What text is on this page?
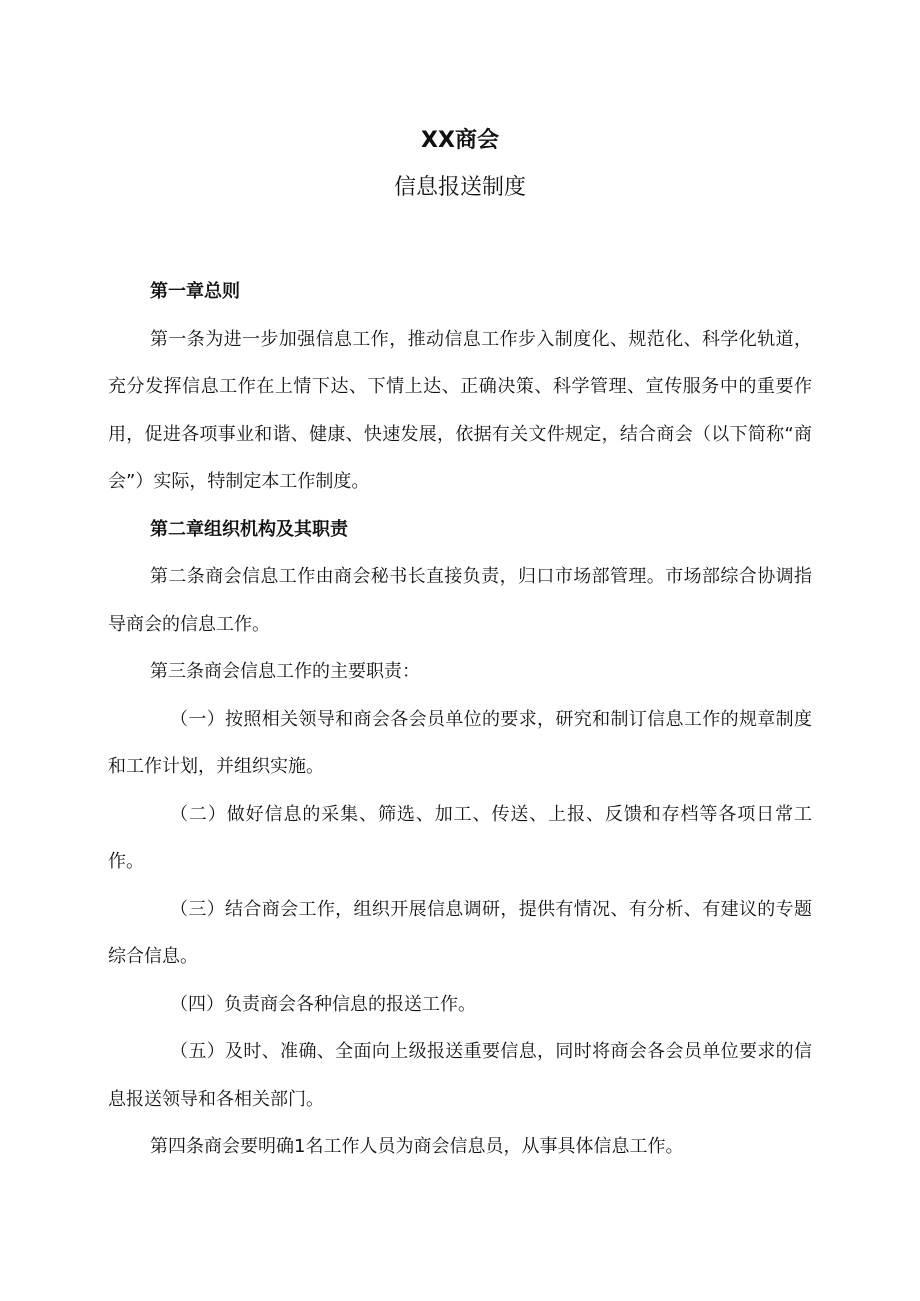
XX商会
信息报送制度

第一章总则

第一条为进一步加强信息工作，推动信息工作步入制度化、规范化、科学化轨道，充分发挥信息工作在上情下达、下情上达、正确决策、科学管理、宣传服务中的重要作用，促进各项事业和谐、健康、快速发展，依据有关文件规定，结合商会（以下简称“商会”）实际，特制定本工作制度。

第二章组织机构及其职责

第二条商会信息工作由商会秘书长直接负责，归口市场部管理。市场部综合协调指导商会的信息工作。

第三条商会信息工作的主要职责：

（一）按照相关领导和商会各会员单位的要求，研究和制订信息工作的规章制度和工作计划，并组织实施。

（二）做好信息的采集、筛选、加工、传送、上报、反馈和存档等各项日常工作。

（三）结合商会工作，组织开展信息调研，提供有情况、有分析、有建议的专题综合信息。

（四）负责商会各种信息的报送工作。

（五）及时、准确、全面向上级报送重要信息，同时将商会各会员单位要求的信息报送领导和各相关部门。

第四条商会要明确1名工作人员为商会信息员，从事具体信息工作。
